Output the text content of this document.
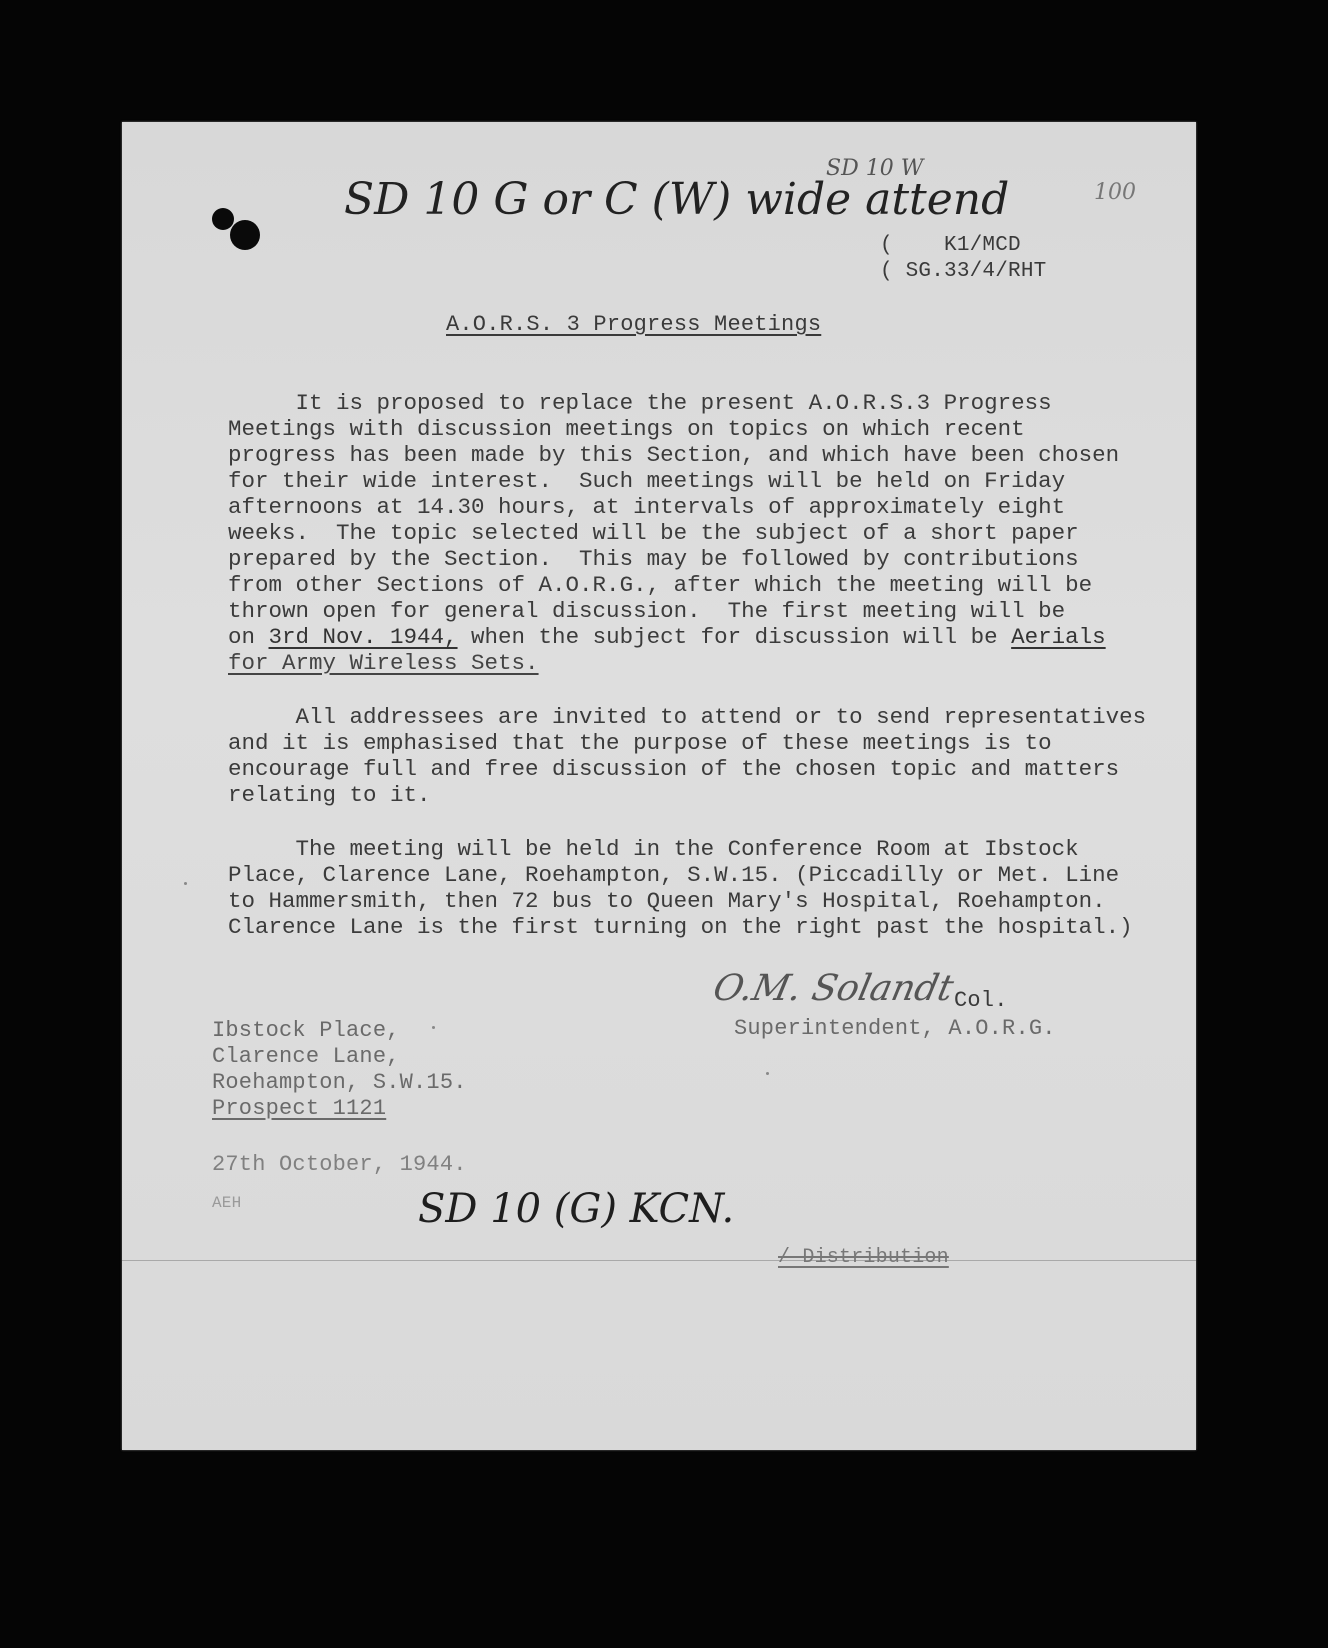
SD 10 G or C (W) wide attend
SD 10 W
100
(    K1/MCD
( SG.33/4/RHT
A.O.R.S. 3 Progress Meetings
It is proposed to replace the present A.O.R.S.3 Progress
Meetings with discussion meetings on topics on which recent
progress has been made by this Section, and which have been chosen
for their wide interest.  Such meetings will be held on Friday
afternoons at 14.30 hours, at intervals of approximately eight
weeks.  The topic selected will be the subject of a short paper
prepared by the Section.  This may be followed by contributions
from other Sections of A.O.R.G., after which the meeting will be
thrown open for general discussion.  The first meeting will be
on 3rd Nov. 1944, when the subject for discussion will be Aerials
for Army Wireless Sets.
All addressees are invited to attend or to send representatives
and it is emphasised that the purpose of these meetings is to
encourage full and free discussion of the chosen topic and matters
relating to it.
The meeting will be held in the Conference Room at Ibstock
Place, Clarence Lane, Roehampton, S.W.15. (Piccadilly or Met. Line
to Hammersmith, then 72 bus to Queen Mary's Hospital, Roehampton.
Clarence Lane is the first turning on the right past the hospital.)
O.M. Solandt
Col.
Superintendent, A.O.R.G.
Ibstock Place,
Clarence Lane,
Roehampton, S.W.15.
Prospect 1121
27th October, 1944.
AEH	SD 10 (G) KCN.
/ Distribution
